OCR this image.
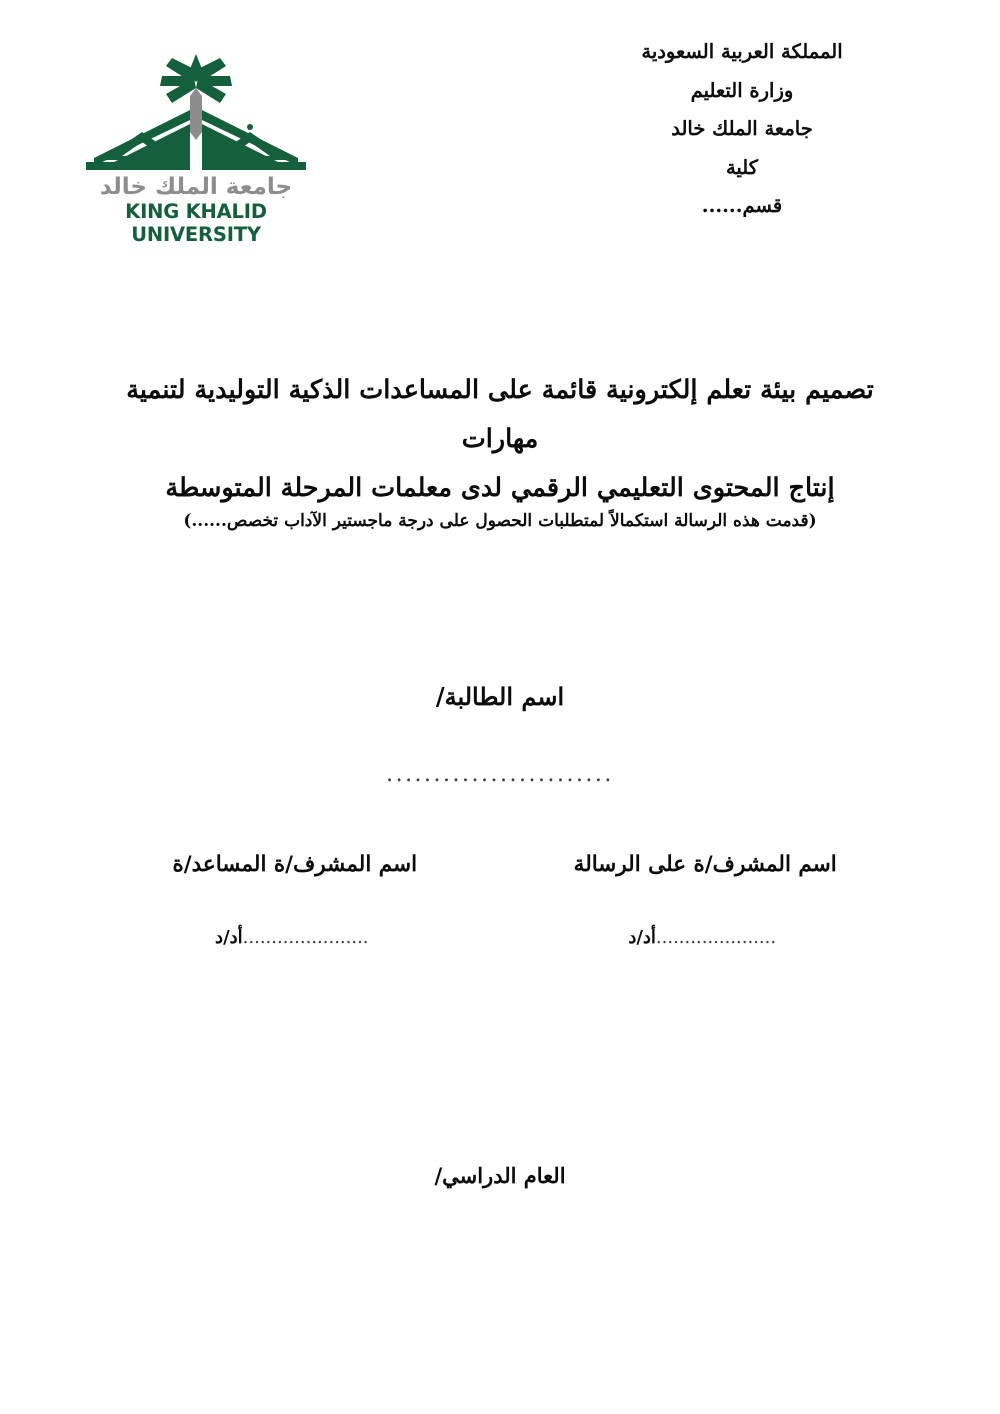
المملكة العربية السعودية
وزارة التعليم
جامعة الملك خالد
كلية
قسم......
جامعة الملك خالد
KING KHALID UNIVERSITY
تصميم بيئة تعلم إلكترونية قائمة على المساعدات الذكية التوليدية لتنمية مهارات
إنتاج المحتوى التعليمي الرقمي لدى معلمات المرحلة المتوسطة
(قدمت هذه الرسالة استكمالاً لمتطلبات الحصول على درجة ماجستير الآداب تخصص......)
اسم الطالبة/
........................
اسم المشرف/ة على الرسالة
.....................أد/د
اسم المشرف/ة المساعد/ة
......................أد/د
العام الدراسي/
